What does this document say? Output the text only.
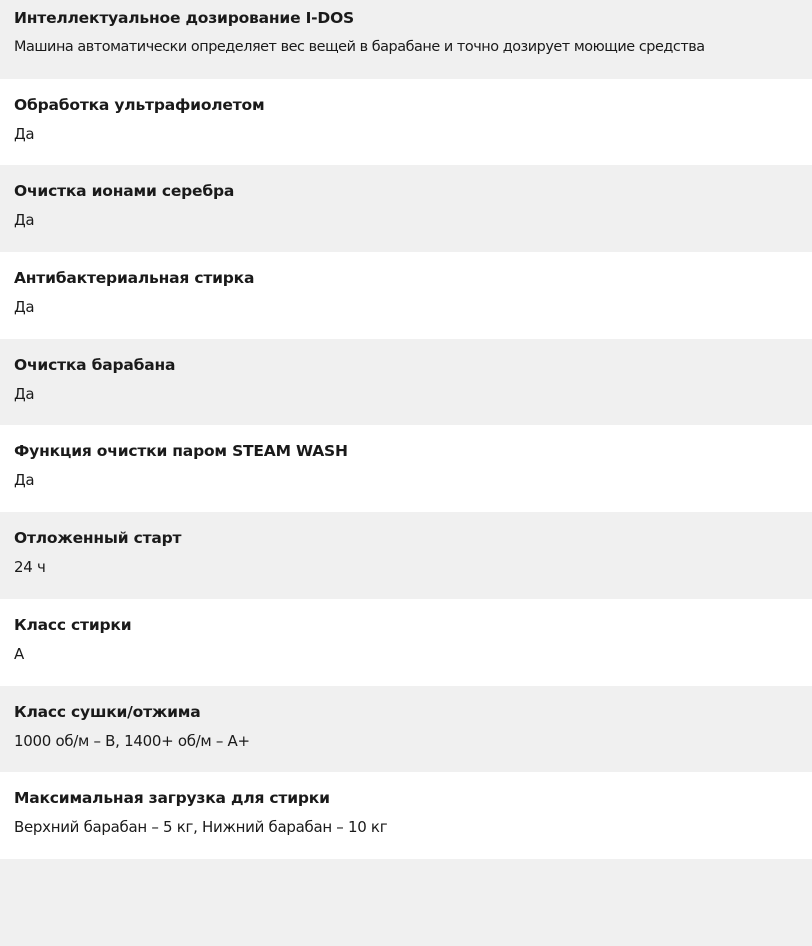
Интеллектуальное дозирование I-DOS
Машина автоматически определяет вес вещей в барабане и точно дозирует моющие средства
Обработка ультрафиолетом
Да
Очистка ионами серебра
Да
Антибактериальная стирка
Да
Очистка барабана
Да
Функция очистки паром STEAM WASH
Да
Отложенный старт
24 ч
Класс стирки
A
Класс сушки/отжима
1000 об/м – B, 1400+ об/м – A+
Максимальная загрузка для стирки
Верхний барабан – 5 кг, Нижний барабан – 10 кг
